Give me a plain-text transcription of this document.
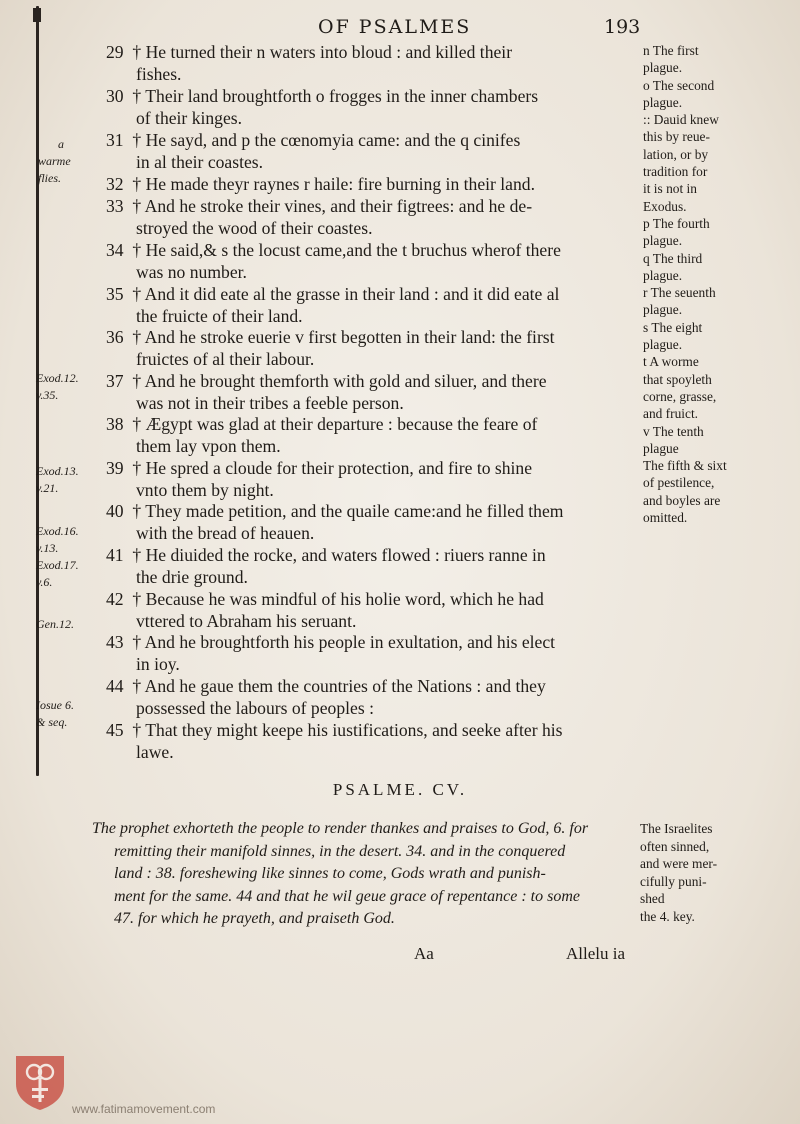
OF PSALMES	193
29 † He turned their n waters into bloud : and killed their
fishes.
30 † Their land broughtforth o frogges in the inner chambers
of their kinges.
31 † He sayd, and p the cœnomyia came: and the q cinifes
in al their coastes.
32 † He made theyr raynes r haile: fire burning in their land.
33 † And he stroke their vines, and their figtrees: and he de-
stroyed the wood of their coastes.
34 † He said,& s the locust came,and the t bruchus wherof there
was no number.
35 † And it did eate al the grasse in their land : and it did eate al
the fruicte of their land.
36 † And he stroke euerie v first begotten in their land: the first
fruictes of al their labour.
37 † And he brought themforth with gold and siluer, and there
was not in their tribes a feeble person.
38 † Ægypt was glad at their departure : because the feare of
them lay vpon them.
39 † He spred a cloude for their protection, and fire to shine
vnto them by night.
40 † They made petition, and the quaile came:and he filled them
with the bread of heauen.
41 † He diuided the rocke, and waters flowed : riuers ranne in
the drie ground.
42 † Because he was mindful of his holie word, which he had
vttered to Abraham his seruant.
43 † And he broughtforth his people in exultation, and his elect
in ioy.
44 † And he gaue them the countries of the Nations : and they
possessed the labours of peoples :
45 † That they might keepe his iustifications, and seeke after his
lawe.
n The first
plague.
o The second
plague.
:: Dauid knew
this by reue-
lation, or by
tradition for
it is not in
Exodus.
p The fourth
plague.
q The third
plague.
r The seuenth
plague.
s The eight
plague.
t A worme
that spoyleth
corne, grasse,
and fruict.
v The tenth
plague
The fifth & sixt
of pestilence,
and boyles are
omitted.
a
warme
flies.
Exod.12.
v.35.
Exod.13.
v.21.
Exod.16.
v.13.
Exod.17.
v.6.
Gen.12.
Iosue 6.
& seq.
PSALME. CV.
The prophet exhorteth the people to render thankes and praises to God, 6. for
remitting their manifold sinnes, in the desert. 34. and in the conquered
land : 38. foreshewing like sinnes to come, Gods wrath and punish-
ment for the same. 44 and that he wil geue grace of repentance : to some
47. for which he prayeth, and praiseth God.
The Israelites
often sinned,
and were mer-
cifully puni-
shed
the 4. key.
Aa	Allelu ia
www.fatimamovement.com
